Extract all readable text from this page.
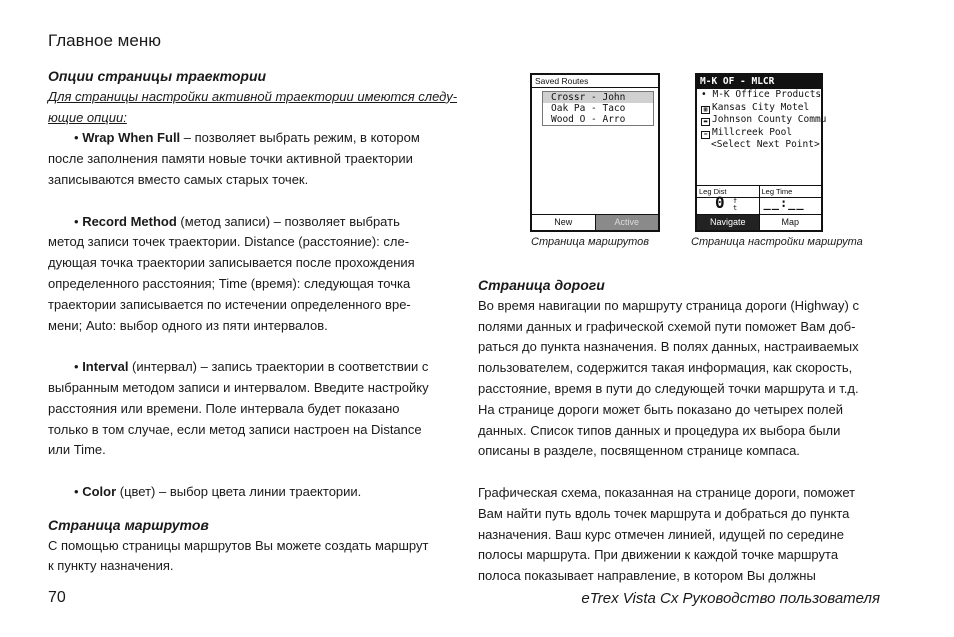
Главное меню

Опции страницы траектории

Для страницы настройки активной траектории имеются следу-

ющие опции:

• Wrap When Full – позволяет выбрать режим, в котором

после заполнения памяти новые точки активной траектории

записываются вместо самых старых точек.

• Record Method (метод записи) – позволяет выбрать

метод записи точек траектории. Distance (расстояние): сле-

дующая точка траектории записывается после прохождения

определенного расстояния; Time (время): следующая точка

траектории записывается по истечении определенного вре-

мени; Auto: выбор одного из пяти интервалов.

• Interval (интервал) – запись траектории в соответствии с

выбранным методом записи и интервалом. Введите настройку

расстояния или времени. Поле интервала будет показано

только в том случае, если метод записи настроен на Distance

или Time.

• Color (цвет) – выбор цвета линии траектории.

Страница маршрутов

С помощью страницы маршрутов Вы можете создать маршрут

к пункту назначения.

Saved Routes
Crossr - John
Oak Pa - Taco
Wood O - Arro
New	Active
Страница маршрутов
M-K OF - MLCR
• M-K Office Products
▦ Kansas City Motel
▬ Johnson County Commu
≈ Millcreek Pool
<Select Next Point>
Leg Dist
0 f
t
Leg Time
__:__
Navigate	Map
Страница настройки маршрута

Страница дороги

Во время навигации по маршруту страница дороги (Highway) с

полями данных и графической схемой пути поможет Вам доб-

раться до пункта назначения. В полях данных, настраиваемых

пользователем, содержится такая информация, как скорость,

расстояние, время в пути до следующей точки маршрута и т.д.

На странице дороги может быть показано до четырех полей

данных. Список типов данных и процедура их выбора были

описаны в разделе, посвященном странице компаса.

Графическая схема, показанная на странице дороги, поможет

Вам найти путь вдоль точек маршрута и добраться до пункта

назначения. Ваш курс отмечен линией, идущей по середине

полосы маршрута. При движении к каждой точке маршрута

полоса показывает направление, в котором Вы должны

70	eTrex Vista Cx Руководство пользователя
